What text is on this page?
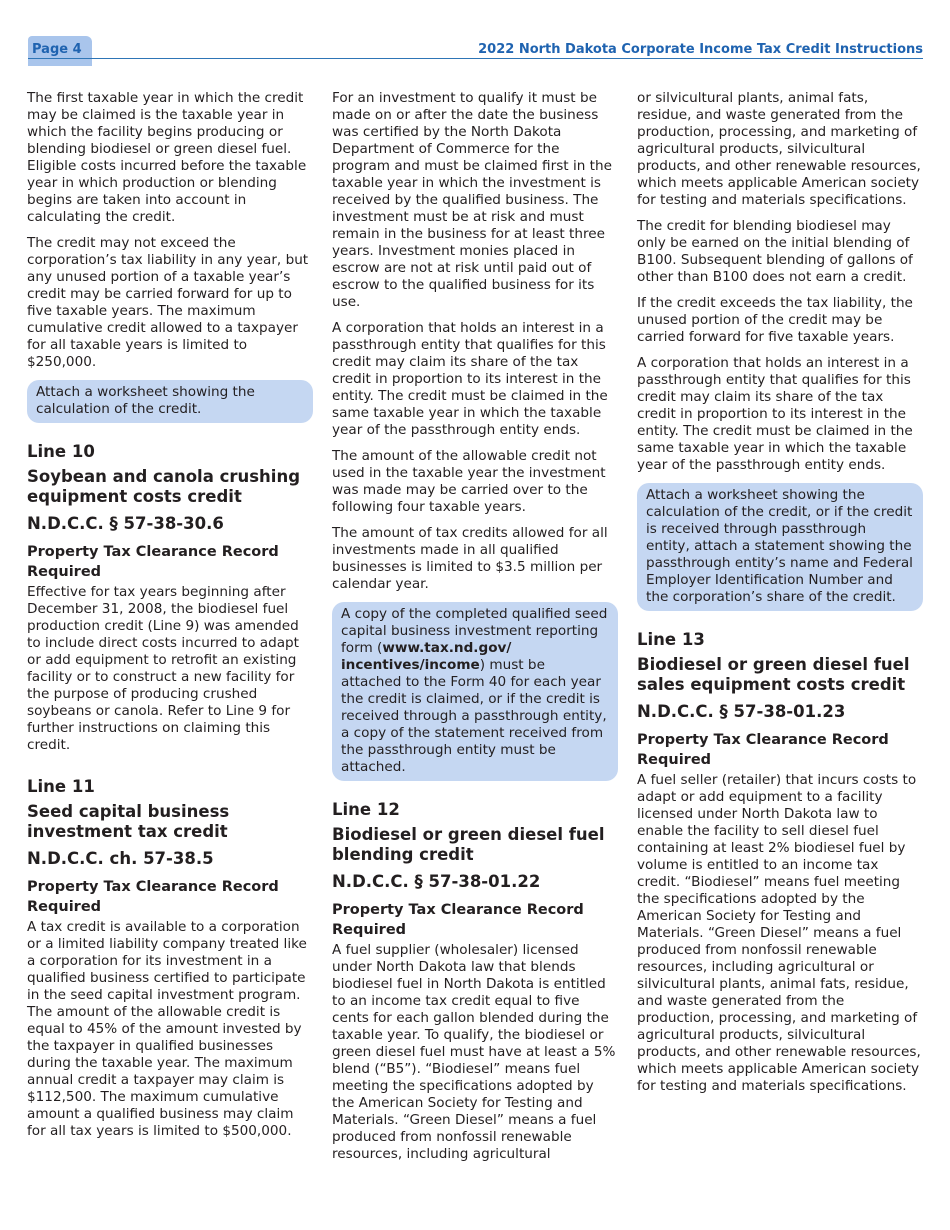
Page 4	2022 North Dakota Corporate Income Tax Credit Instructions

The first taxable year in which the credit may be claimed is the taxable year in which the facility begins producing or blending biodiesel or green diesel fuel. Eligible costs incurred before the taxable year in which production or blending begins are taken into account in calculating the credit.

The credit may not exceed the corporation’s tax liability in any year, but any unused portion of a taxable year’s credit may be carried forward for up to five taxable years. The maximum cumulative credit allowed to a taxpayer for all taxable years is limited to $250,000.

Attach a worksheet showing the calculation of the credit.
Line 10
Soybean and canola crushing equipment costs credit
N.D.C.C. § 57-38-30.6
Property Tax Clearance Record Required

Effective for tax years beginning after December 31, 2008, the biodiesel fuel production credit (Line 9) was amended to include direct costs incurred to adapt or add equipment to retrofit an existing facility or to construct a new facility for the purpose of producing crushed soybeans or canola. Refer to Line 9 for further instructions on claiming this credit.

Line 11
Seed capital business investment tax credit
N.D.C.C. ch. 57-38.5
Property Tax Clearance Record Required

A tax credit is available to a corporation or a limited liability company treated like a corporation for its investment in a qualified business certified to participate in the seed capital investment program. The amount of the allowable credit is equal to 45% of the amount invested by the taxpayer in qualified businesses during the taxable year. The maximum annual credit a taxpayer may claim is $112,500. The maximum cumulative amount a qualified business may claim for all tax years is limited to $500,000.

For an investment to qualify it must be made on or after the date the business was certified by the North Dakota Department of Commerce for the program and must be claimed first in the taxable year in which the investment is received by the qualified business. The investment must be at risk and must remain in the business for at least three years. Investment monies placed in escrow are not at risk until paid out of escrow to the qualified business for its use.

A corporation that holds an interest in a passthrough entity that qualifies for this credit may claim its share of the tax credit in proportion to its interest in the entity. The credit must be claimed in the same taxable year in which the taxable year of the passthrough entity ends.

The amount of the allowable credit not used in the taxable year the investment was made may be carried over to the following four taxable years.

The amount of tax credits allowed for all investments made in all qualified businesses is limited to $3.5 million per calendar year.

A copy of the completed qualified seed capital business investment reporting form (www.tax.nd.gov/ incentives/income) must be attached to the Form 40 for each year the credit is claimed, or if the credit is received through a passthrough entity, a copy of the statement received from the passthrough entity must be attached.
Line 12
Biodiesel or green diesel fuel blending credit
N.D.C.C. § 57-38-01.22
Property Tax Clearance Record Required

A fuel supplier (wholesaler) licensed under North Dakota law that blends biodiesel fuel in North Dakota is entitled to an income tax credit equal to five cents for each gallon blended during the taxable year. To qualify, the biodiesel or green diesel fuel must have at least a 5% blend (“B5”). “Biodiesel” means fuel meeting the specifications adopted by the American Society for Testing and Materials. “Green Diesel” means a fuel produced from nonfossil renewable resources, including agricultural

or silvicultural plants, animal fats, residue, and waste generated from the production, processing, and marketing of agricultural products, silvicultural products, and other renewable resources, which meets applicable American society for testing and materials specifications.

The credit for blending biodiesel may only be earned on the initial blending of B100. Subsequent blending of gallons of other than B100 does not earn a credit.

If the credit exceeds the tax liability, the unused portion of the credit may be carried forward for five taxable years.

A corporation that holds an interest in a passthrough entity that qualifies for this credit may claim its share of the tax credit in proportion to its interest in the entity. The credit must be claimed in the same taxable year in which the taxable year of the passthrough entity ends.

Attach a worksheet showing the calculation of the credit, or if the credit is received through passthrough entity, attach a statement showing the passthrough entity’s name and Federal Employer Identification Number and the corporation’s share of the credit.
Line 13
Biodiesel or green diesel fuel sales equipment costs credit
N.D.C.C. § 57-38-01.23
Property Tax Clearance Record Required

A fuel seller (retailer) that incurs costs to adapt or add equipment to a facility licensed under North Dakota law to enable the facility to sell diesel fuel containing at least 2% biodiesel fuel by volume is entitled to an income tax credit. “Biodiesel” means fuel meeting the specifications adopted by the American Society for Testing and Materials. “Green Diesel” means a fuel produced from nonfossil renewable resources, including agricultural or silvicultural plants, animal fats, residue, and waste generated from the production, processing, and marketing of agricultural products, silvicultural products, and other renewable resources, which meets applicable American society for testing and materials specifications.
